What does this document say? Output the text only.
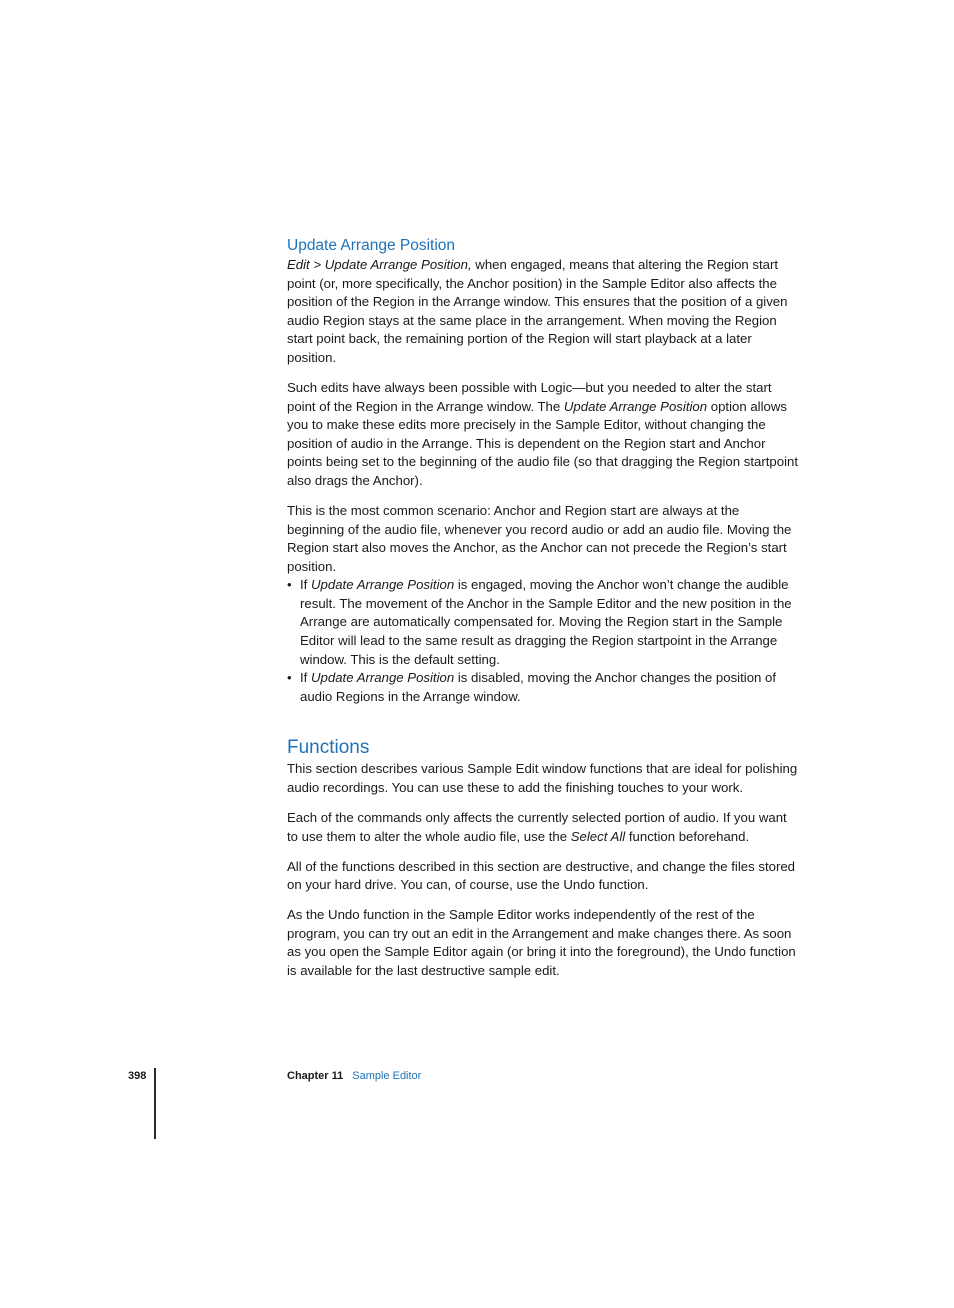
Update Arrange Position

Edit > Update Arrange Position, when engaged, means that altering the Region start point (or, more specifically, the Anchor position) in the Sample Editor also affects the position of the Region in the Arrange window. This ensures that the position of a given audio Region stays at the same place in the arrangement. When moving the Region start point back, the remaining portion of the Region will start playback at a later position.

Such edits have always been possible with Logic—but you needed to alter the start point of the Region in the Arrange window. The Update Arrange Position option allows you to make these edits more precisely in the Sample Editor, without changing the position of audio in the Arrange. This is dependent on the Region start and Anchor points being set to the beginning of the audio file (so that dragging the Region startpoint also drags the Anchor).

This is the most common scenario: Anchor and Region start are always at the beginning of the audio file, whenever you record audio or add an audio file. Moving the Region start also moves the Anchor, as the Anchor can not precede the Region’s start position.

• If Update Arrange Position is engaged, moving the Anchor won’t change the audible result. The movement of the Anchor in the Sample Editor and the new position in the Arrange are automatically compensated for. Moving the Region start in the Sample Editor will lead to the same result as dragging the Region startpoint in the Arrange window. This is the default setting.
• If Update Arrange Position is disabled, moving the Anchor changes the position of audio Regions in the Arrange window.
Functions

This section describes various Sample Edit window functions that are ideal for polishing audio recordings. You can use these to add the finishing touches to your work.

Each of the commands only affects the currently selected portion of audio. If you want to use them to alter the whole audio file, use the Select All function beforehand.

All of the functions described in this section are destructive, and change the files stored on your hard drive. You can, of course, use the Undo function.

As the Undo function in the Sample Editor works independently of the rest of the program, you can try out an edit in the Arrangement and make changes there. As soon as you open the Sample Editor again (or bring it into the foreground), the Undo function is available for the last destructive sample edit.

398	Chapter 11 Sample Editor
